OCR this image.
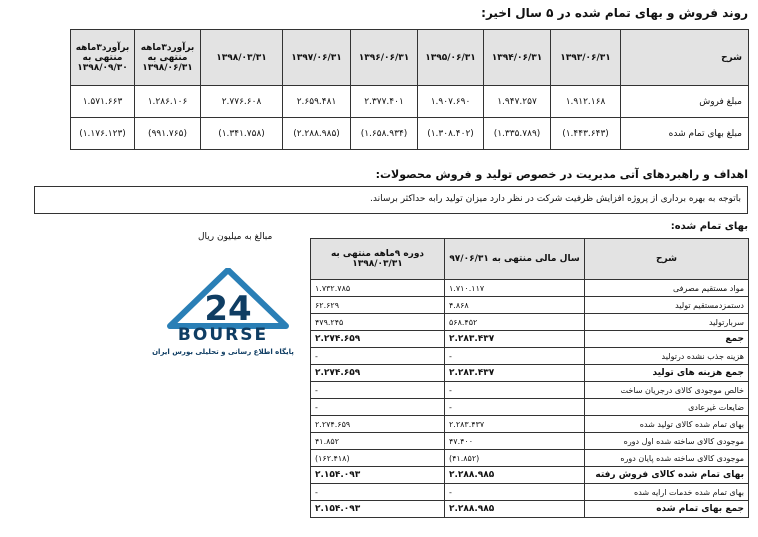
روند فروش و بهای تمام شده در ۵ سال اخیر:
شرح	۱۳۹۳/۰۶/۳۱	۱۳۹۴/۰۶/۳۱	۱۳۹۵/۰۶/۳۱	۱۳۹۶/۰۶/۳۱	۱۳۹۷/۰۶/۳۱	۱۳۹۸/۰۳/۳۱	برآورد۳ماهه منتهی به ۱۳۹۸/۰۶/۳۱	برآورد۳ماهه منتهی به ۱۳۹۸/۰۹/۳۰
مبلغ فروش	۱.۹۱۲.۱۶۸	۱.۹۴۷.۲۵۷	۱.۹۰۷.۶۹۰	۲.۳۷۷.۴۰۱	۲.۶۵۹.۴۸۱	۲.۷۷۶.۶۰۸	۱.۲۸۶.۱۰۶	۱.۵۷۱.۶۶۳
مبلغ بهای تمام شده	(۱.۴۴۳.۶۴۳)	(۱.۳۳۵.۷۸۹)	(۱.۳۰۸.۴۰۲)	(۱.۶۵۸.۹۳۴)	(۲.۲۸۸.۹۸۵)	(۱.۳۴۱.۷۵۸)	(۹۹۱.۷۶۵)	(۱.۱۷۶.۱۲۳)
اهداف و راهبردهای آتی مدیریت در خصوص تولید و فروش محصولات:
باتوجه به بهره برداری از پروژه افزایش ظرفیت شرکت در نظر دارد میزان تولید رابه حداکثر برساند.
بهای تمام شده:
مبالغ به میلیون ریال
24
BOURSE
پایگاه اطلاع رسانی و تحلیلی بورس ایران
شرح	سال مالی منتهی به ۹۷/۰۶/۳۱	دوره ۹ماهه منتهی به ۱۳۹۸/۰۳/۳۱
مواد مستقیم مصرفی	۱.۷۱۰.۱۱۷	۱.۷۳۲.۷۸۵
دستمزدمستقیم تولید	۴.۸۶۸	۶۲.۶۲۹
سربارتولید	۵۶۸.۴۵۲	۴۷۹.۲۴۵
جمع	۲.۲۸۳.۴۳۷	۲.۲۷۴.۶۵۹
هزینه جذب نشده درتولید	-	-
جمع هزینه های تولید	۲.۲۸۳.۴۳۷	۲.۲۷۴.۶۵۹
خالص موجودی کالای درجریان ساخت	-	-
ضایعات غیرعادی	-	-
بهای تمام شده کالای تولید شده	۲.۲۸۳.۴۳۷	۲.۲۷۴.۶۵۹
موجودی کالای ساخته شده اول دوره	۴۷.۴۰۰	۴۱.۸۵۲
موجودی کالای ساخته شده پایان دوره	(۴۱.۸۵۲)	(۱۶۲.۴۱۸)
بهای تمام شده کالای فروش رفته	۲.۲۸۸.۹۸۵	۲.۱۵۴.۰۹۳
بهای تمام شده خدمات ارایه شده	-	-
جمع بهای تمام شده	۲.۲۸۸.۹۸۵	۲.۱۵۴.۰۹۳
